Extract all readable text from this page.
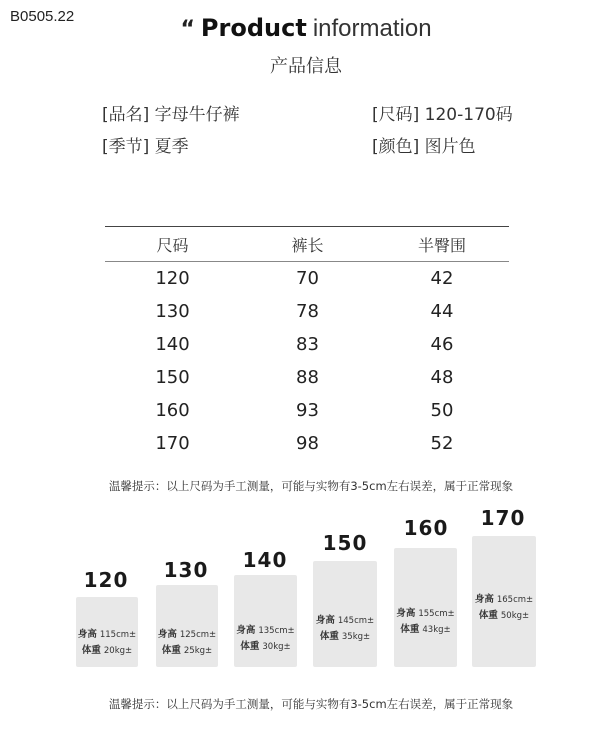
B0505.22
“ Product information
产品信息
[品名] 字母牛仔裤	[尺码] 120-170码
[季节] 夏季	[颜色] 图片色
尺码	裤长	半臀围
120	70	42
130	78	44
140	83	46
150	88	48
160	93	50
170	98	52
温馨提示：以上尺码为手工测量，可能与实物有3-5cm左右误差，属于正常现象
120
身高 115cm±
体重 20kg±
130
身高 125cm±
体重 25kg±
140
身高 135cm±
体重 30kg±
150
身高 145cm±
体重 35kg±
160
身高 155cm±
体重 43kg±
170
身高 165cm±
体重 50kg±
温馨提示：以上尺码为手工测量，可能与实物有3-5cm左右误差，属于正常现象
